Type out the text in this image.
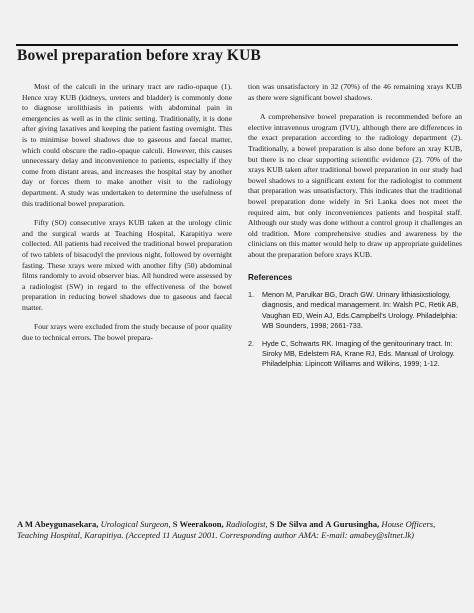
Bowel preparation before xray KUB

Most of the calculi in the urinary tract are radio-opaque (1). Hence xray KUB (kidneys, ureters and bladder) is commonly done to diagnose urolithiasis in patients with abdominal pain in emergencies as well as in the clinic setting. Traditionally, it is done after giving laxatives and keeping the patient fasting overnight. This is to minimise bowel shadows due to gaseous and faecal matter, which could obscure the radio-opaque calculi. However, this causes unnecessary delay and inconvenience to patients, especially if they come from distant areas, and increases the hospital stay by another day or forces them to make another visit to the radiology department. A study was undertaken to determine the usefulness of this traditional bowel preparation.

Fifty (SO) consecutive xrays KUB taken at the urology clinic and the surgical wards at Teaching Hospital, Karapitiya were collected. All patients had received the traditional bowel preparation of two tablets of bisacodyl the previous night, followed by overnight fasting. These xrays were mixed with another fifty (50) abdominal films randomly to avoid observer bias. All hundred were assessed by a radiologist (SW) in regard to the effectiveness of the bowel preparation in reducing bowel shadows due to gaseous and faecal matter.

Four xrays were excluded from the study because of poor quality due to technical errors. The bowel prepara-

tion was unsatisfactory in 32 (70%) of the 46 remaining xrays KUB as there were significant bowel shadows.

A comprehensive bowel preparation is recommended before an elective intravenous urogram (IVU), although there are differences in the exact preparation according to the radiology department (2). Traditionally, a bowel preparation is also done before an xray KUB, but there is no clear supporting scientific evidence (2). 70% of the xrays KUB taken after traditional bowel preparation in our study had bowel shadows to a significant extent for the radiologist to comment that preparation was unsatisfactory. This indicates that the traditional bowel preparation done widely in Sri Lanka does not meet the required aim, but only inconveniences patients and hospital staff. Although our study was done without a control group it challenges an old tradition. More comprehensive studies and awareness by the clinicians on this matter would help to draw up appropriate guidelines about the preparation before xrays KUB.

References
1.	Menon M, Parulkar BG, Drach GW. Urinary lithiasixstiology, diagnosis, and medical management. In: Walsh PC, Retik AB, Vaughan ED, Wein AJ, Eds.Campbell's Urology. Philadelphia: WB Sounders, 1998; 2661-733.
2.	Hyde C, Schwarts RK. Imaging of the genitourinary tract. In: Siroky MB, Edelstem RA, Krane RJ, Eds. Manual of Urology. Philadelphia: Lipincott Williams and Wilkins, 1999; 1-12.
A M Abeygunasekara, Urological Surgeon, S Weerakoon, Radiologist, S De Silva and A Gurusingha, House Officers, Teaching Hospital, Karapitiya. (Accepted 11 August 2001. Corresponding author AMA: E-mail: amabey@sltnet.lk)
